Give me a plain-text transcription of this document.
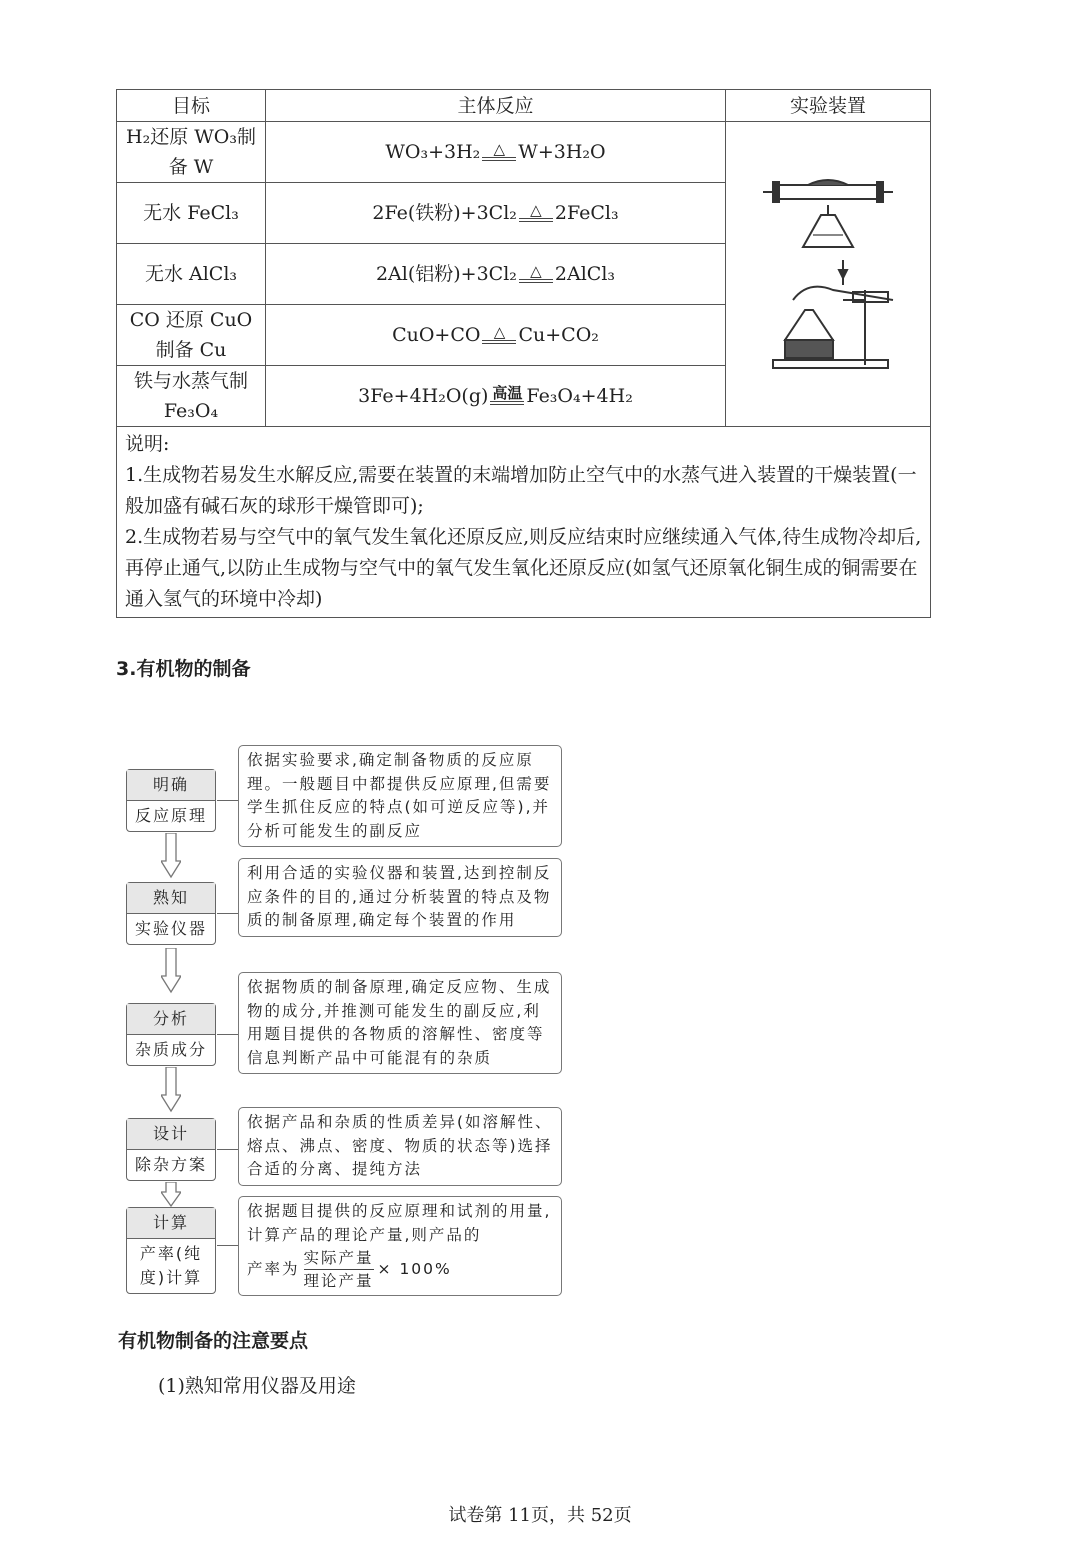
目标	主体反应	实验装置
H₂还原 WO₃制备 W	WO₃+3H₂ △ W+3H₂O

无水 FeCl₃	2Fe(铁粉)+3Cl₂ △ 2FeCl₃	

无水 AlCl₃	2Al(铝粉)+3Cl₂ △ 2AlCl₃	

CO 还原 CuO 制备 Cu	CuO+CO △ Cu+CO₂	

铁与水蒸气制 Fe₃O₄	3Fe+4H₂O(g) 高温 Fe₃O₄+4H₂	

说明:
1.生成物若易发生水解反应,需要在装置的末端增加防止空气中的水蒸气进入装置的干燥装置(一般加盛有碱石灰的球形干燥管即可);
2.生成物若易与空气中的氧气发生氧化还原反应,则反应结束时应继续通入气体,待生成物冷却后,再停止通气,以防止生成物与空气中的氧气发生氧化还原反应(如氢气还原氧化铜生成的铜需要在通入氢气的环境中冷却)		
3.有机物的制备
明确
反应原理
依据实验要求,确定制备物质的反应原理。一般题目中都提供反应原理,但需要学生抓住反应的特点(如可逆反应等),并分析可能发生的副反应
熟知
实验仪器
利用合适的实验仪器和装置,达到控制反应条件的目的,通过分析装置的特点及物质的制备原理,确定每个装置的作用
分析
杂质成分
依据物质的制备原理,确定反应物、生成物的成分,并推测可能发生的副反应,利用题目提供的各物质的溶解性、密度等信息判断产品中可能混有的杂质
设计
除杂方案
依据产品和杂质的性质差异(如溶解性、熔点、沸点、密度、物质的状态等)选择合适的分离、提纯方法
计算
产率(纯度)计算
依据题目提供的反应原理和试剂的用量,计算产品的理论产量,则产品的

产率为 $\frac{\text{实际产量}}{\text{理论产量}} \times 100\%$
有机物制备的注意要点

(1)熟知常用仪器及用途

试卷第 11页，共 52页
